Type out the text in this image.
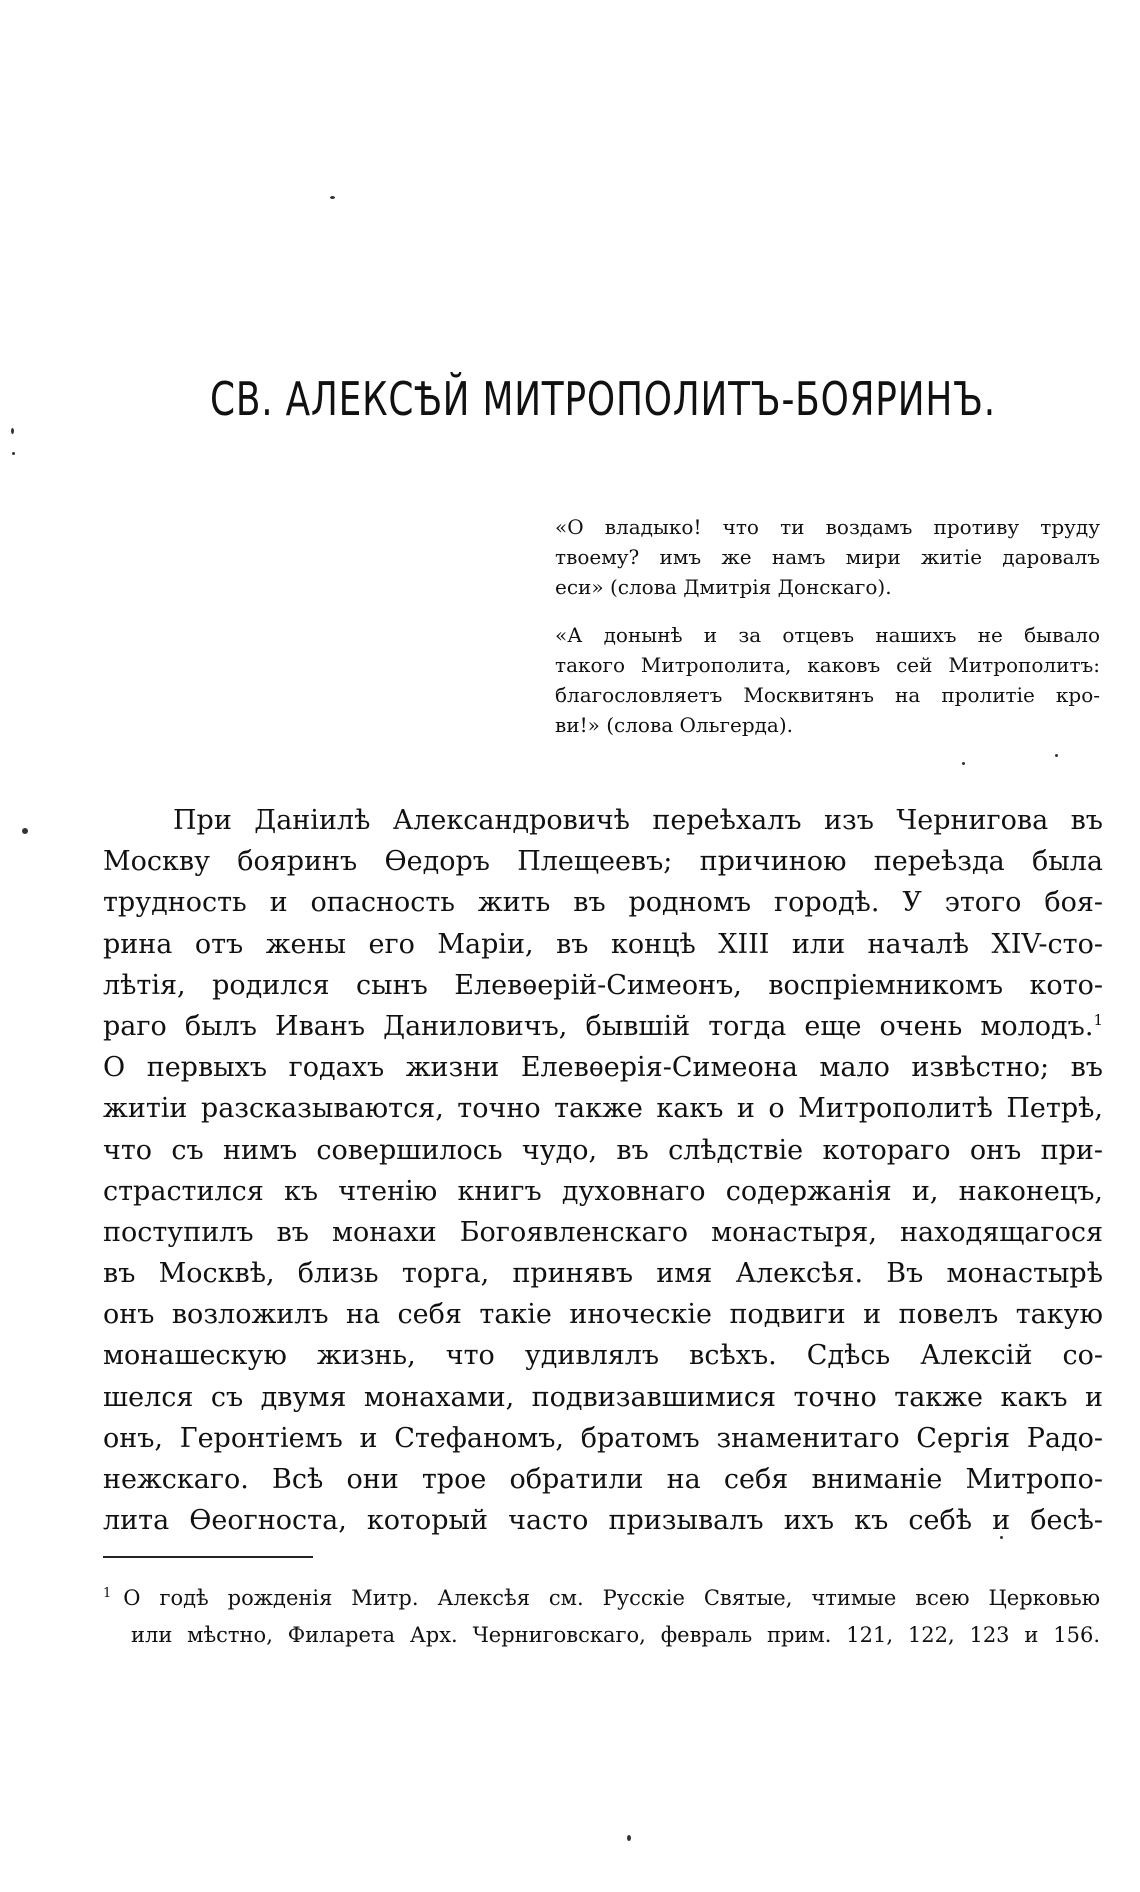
СВ. АЛЕКСѢЙ МИТРОПОЛИТЪ-БОЯРИНЪ.
«О владыко! что ти воздамъ противу труду
твоему? имъ же намъ мири житіе даровалъ
еси» (слова Дмитрія Донскаго).
«А донынѣ и за отцевъ нашихъ не бывало
такого Митрополита, каковъ сей Митрополитъ:
благословляетъ Москвитянъ на пролитіе кро-
ви!» (слова Ольгерда).
При Даніилѣ Александровичѣ переѣхалъ изъ Чернигова въ
Москву бояринъ Ѳедоръ Плещеевъ; причиною переѣзда была
трудность и опасность жить въ родномъ городѣ. У этого боя-
рина отъ жены его Маріи, въ концѣ XIII или началѣ XIV-сто-
лѣтія, родился сынъ Елевѳерій-Симеонъ, воспріемникомъ кото-
раго былъ Иванъ Даниловичъ, бывшій тогда еще очень молодъ.$^1$
О первыхъ годахъ жизни Елевѳерія-Симеона мало извѣстно; въ
житіи разсказываются, точно также какъ и о Митрополитѣ Петрѣ,
что съ нимъ совершилось чудо, въ слѣдствіе котораго онъ при-
страстился къ чтенію книгъ духовнаго содержанія и, наконецъ,
поступилъ въ монахи Богоявленскаго монастыря, находящагося
въ Москвѣ, близь торга, принявъ имя Алексѣя. Въ монастырѣ
онъ возложилъ на себя такіе иноческіе подвиги и повелъ такую
монашескую жизнь, что удивлялъ всѣхъ. Сдѣсь Алексій со-
шелся съ двумя монахами, подвизавшимися точно также какъ и
онъ, Геронтіемъ и Стефаномъ, братомъ знаменитаго Сергія Радо-
нежскаго. Всѣ они трое обратили на себя вниманіе Митропо-
лита Ѳеогноста, который часто призывалъ ихъ къ себѣ и бесѣ-
$^1$ О годѣ рожденія Митр. Алексѣя см. Русскіе Святые, чтимые всею Церковью
или мѣстно, Филарета Арх. Черниговскаго, февраль прим. 121, 122, 123 и 156.
